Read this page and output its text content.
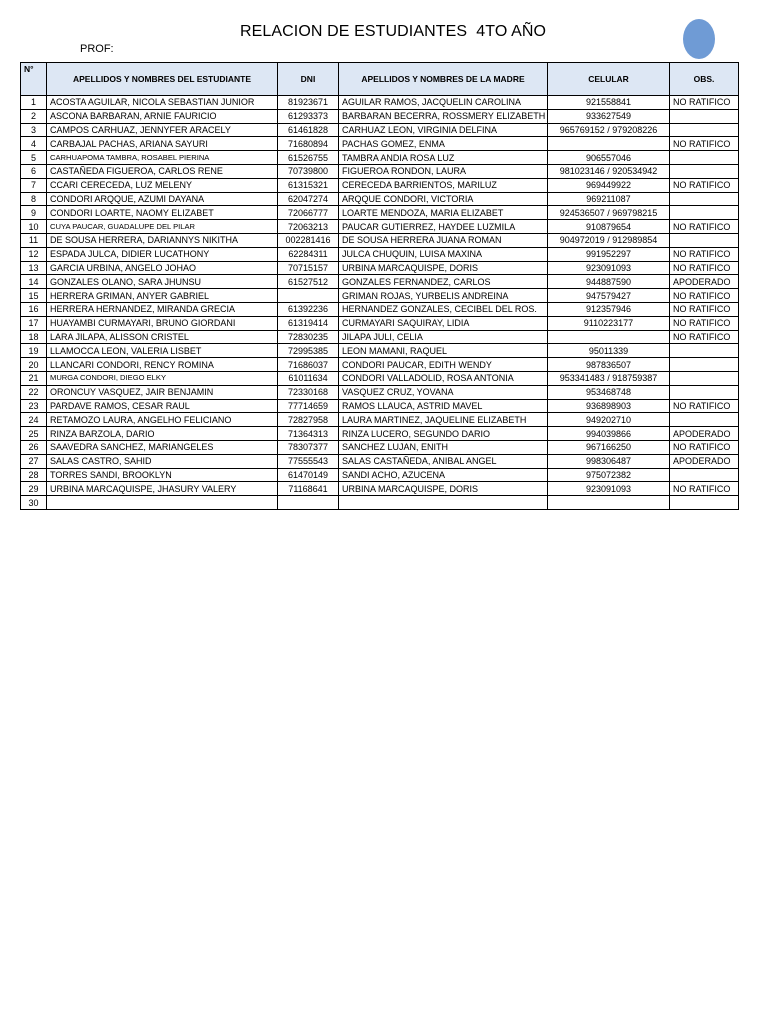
RELACION DE ESTUDIANTES  4TO AÑO
PROF:
N°	APELLIDOS Y NOMBRES DEL ESTUDIANTE	DNI	APELLIDOS Y NOMBRES DE LA MADRE	CELULAR	OBS.
1	ACOSTA AGUILAR, NICOLA SEBASTIAN JUNIOR	81923671	AGUILAR RAMOS, JACQUELIN CAROLINA	921558841	NO RATIFICO
2	ASCONA BARBARAN, ARNIE FAURICIO	61293373	BARBARAN BECERRA, ROSSMERY ELIZABETH	933627549	
3	CAMPOS CARHUAZ, JENNYFER ARACELY	61461828	CARHUAZ LEON, VIRGINIA DELFINA	965769152 / 979208226	
4	CARBAJAL PACHAS, ARIANA SAYURI	71680894	PACHAS GOMEZ, ENMA		NO RATIFICO
5	CARHUAPOMA TAMBRA, ROSABEL PIERINA	61526755	TAMBRA ANDIA ROSA LUZ	906557046	
6	CASTAÑEDA FIGUEROA, CARLOS RENE	70739800	FIGUEROA RONDON, LAURA	981023146 / 920534942	
7	CCARI CERECEDA, LUZ MELENY	61315321	CERECEDA BARRIENTOS, MARILUZ	969449922	NO RATIFICO
8	CONDORI ARQQUE, AZUMI DAYANA	62047274	ARQQUE CONDORI, VICTORIA	969211087	
9	CONDORI LOARTE, NAOMY ELIZABET	72066777	LOARTE MENDOZA, MARIA ELIZABET	924536507 / 969798215	
10	CUYA PAUCAR, GUADALUPE DEL PILAR	72063213	PAUCAR GUTIERREZ, HAYDEE LUZMILA	910879654	NO RATIFICO
11	DE SOUSA HERRERA, DARIANNYS NIKITHA	002281416	DE SOUSA HERRERA JUANA ROMAN	904972019 / 912989854	
12	ESPADA JULCA, DIDIER LUCATHONY	62284311	JULCA CHUQUIN, LUISA MAXINA	991952297	NO RATIFICO
13	GARCIA URBINA, ANGELO JOHAO	70715157	URBINA MARCAQUISPE, DORIS	923091093	NO RATIFICO
14	GONZALES OLANO, SARA JHUNSU	61527512	GONZALES FERNANDEZ, CARLOS	944887590	APODERADO
15	HERRERA GRIMAN, ANYER GABRIEL		GRIMAN ROJAS, YURBELIS ANDREINA	947579427	NO RATIFICO
16	HERRERA HERNANDEZ, MIRANDA GRECIA	61392236	HERNANDEZ GONZALES, CECIBEL DEL ROS.	912357946	NO RATIFICO
17	HUAYAMBI CURMAYARI, BRUNO GIORDANI	61319414	CURMAYARI SAQUIRAY, LIDIA	9110223177	NO RATIFICO
18	LARA JILAPA, ALISSON CRISTEL	72830235	JILAPA JULI, CELIA		NO RATIFICO
19	LLAMOCCA LEON, VALERIA LISBET	72995385	LEON MAMANI, RAQUEL	95011339	
20	LLANCARI CONDORI, RENCY ROMINA	71686037	CONDORI PAUCAR, EDITH WENDY	987836507	
21	MURGA CONDORI, DIEGO ELKY	61011634	CONDORI VALLADOLID, ROSA ANTONIA	953341483 / 918759387	
22	ORONCUY VASQUEZ, JAIR BENJAMIN	72330168	VASQUEZ CRUZ, YOVANA	953468748	
23	PARDAVE RAMOS, CESAR RAUL	77714659	RAMOS LLAUCA, ASTRID MAVEL	936898903	NO RATIFICO
24	RETAMOZO LAURA, ANGELHO FELICIANO	72827958	LAURA MARTINEZ, JAQUELINE ELIZABETH	949202710	
25	RINZA BARZOLA, DARIO	71364313	RINZA LUCERO, SEGUNDO DARIO	994039866	APODERADO
26	SAAVEDRA SANCHEZ, MARIANGELES	78307377	SANCHEZ LUJAN, ENITH	967166250	NO RATIFICO
27	SALAS CASTRO, SAHID	77555543	SALAS CASTAÑEDA, ANIBAL ANGEL	998306487	APODERADO
28	TORRES SANDI, BROOKLYN	61470149	SANDI ACHO, AZUCENA	975072382	
29	URBINA MARCAQUISPE, JHASURY VALERY	71168641	URBINA MARCAQUISPE, DORIS	923091093	NO RATIFICO
30					
